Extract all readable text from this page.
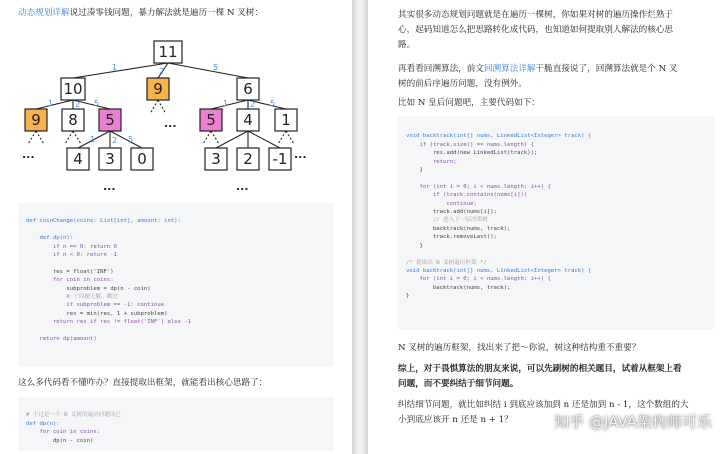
动态规划详解说过凑零钱问题，暴力解法就是遍历一棵 N 叉树：
1	2	5
1	2 5	1	2 5
1 2 5
11
10	9	6
9 8 5	5 4 1
4 3 0	3 2 -1
...
...
...	...
...

def coinChange(coins: List[int], amount: int):

def dp(n):
if n == 0: return 0
if n < 0: return -1

res = float('INF')
for coin in coins:
subproblem = dp(n - coin)
# 子问题无解，跳过
if subproblem == -1: continue
res = min(res, 1 + subproblem)
return res if res != float('INF') else -1

return dp(amount)
这么多代码看不懂咋办？直接提取出框架，就能看出核心思路了：

# 不过是一个 N 叉树的遍历问题而已
def dp(n):
for coin in coins:
dp(n - coin)
其实很多动态规划问题就是在遍历一棵树，你如果对树的遍历操作烂熟于
心，起码知道怎么把思路转化成代码，也知道如何提取别人解法的核心思
路。
再看看回溯算法，前文回溯算法详解干脆直接说了，回溯算法就是个 N 叉
树的前后序遍历问题，没有例外。
比如 N 皇后问题吧，主要代码如下：

void backtrack(int[] nums, LinkedList<Integer> track) {
if (track.size() == nums.length) {
res.add(new LinkedList(track));
return;
}

for (int i = 0; i < nums.length; i++) {
if (track.contains(nums[i]))
continue;
track.add(nums[i]);
// 进入下一层决策树
backtrack(nums, track);
track.removeLast();
}

/* 提取出 N 叉树遍历框架 */
void backtrack(int[] nums, LinkedList<Integer> track) {
for (int i = 0; i < nums.length; i++) {
backtrack(nums, track);
}
N 叉树的遍历框架，找出来了把～你说，树这种结构重不重要？
综上，对于畏惧算法的朋友来说，可以先刷树的相关题目，试着从框架上看
问题，而不要纠结于细节问题。
纠结细节问题，就比如纠结 i 到底应该加到 n 还是加到 n - 1，这个数组的大
小到底应该开 n 还是 n + 1？	知乎 @JAVA架构师可乐
